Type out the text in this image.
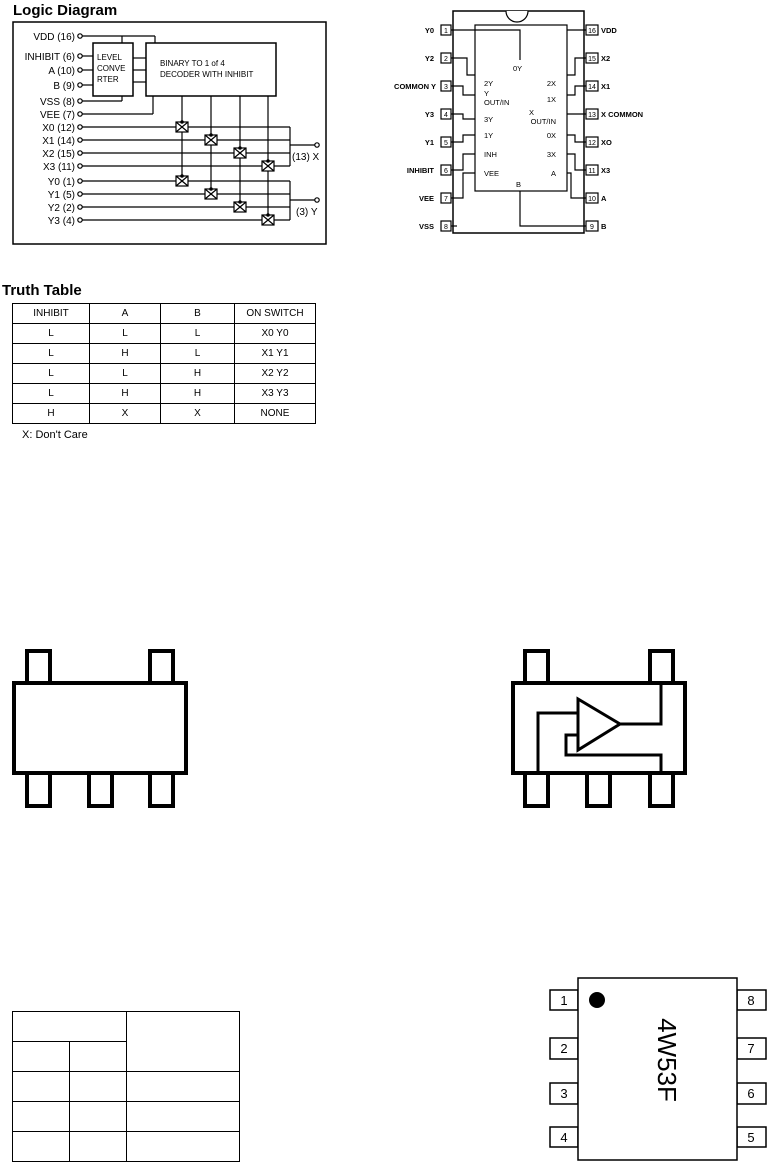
Logic Diagram
VDD (16)
INHIBIT (6)
A (10)
B (9)
VSS (8)
VEE (7)
X0 (12)
X1 (14)
X2 (15)
X3 (11)
Y0 (1)
Y1 (5)
Y2 (2)
Y3 (4)
LEVEL
CONVE
RTER
BINARY TO 1 of 4
DECODER WITH INHIBIT
(13) X
(3) Y
Y0
Y2
COMMON Y
Y3
Y1
INHIBIT
VEE
VSS
VDD
X2
X1
X COMMON
XO
X3
A
B
1
2
3
4
5
6
7
8
16
15
14
13
12
11
10
9
0Y
B
2Y
Y
OUT/IN
3Y
1Y
INH
VEE
2X
1X
X
OUT/IN
0X
3X
A
1
2
3
4
8
7
6
5
4W53F
Truth Table
INHIBIT	A	B	ON SWITCH
L	L	L	X0 Y0
L	H	L	X1 Y1
L	L	H	X2 Y2
L	H	H	X3 Y3
H	X	X	NONE
X: Don't Care
